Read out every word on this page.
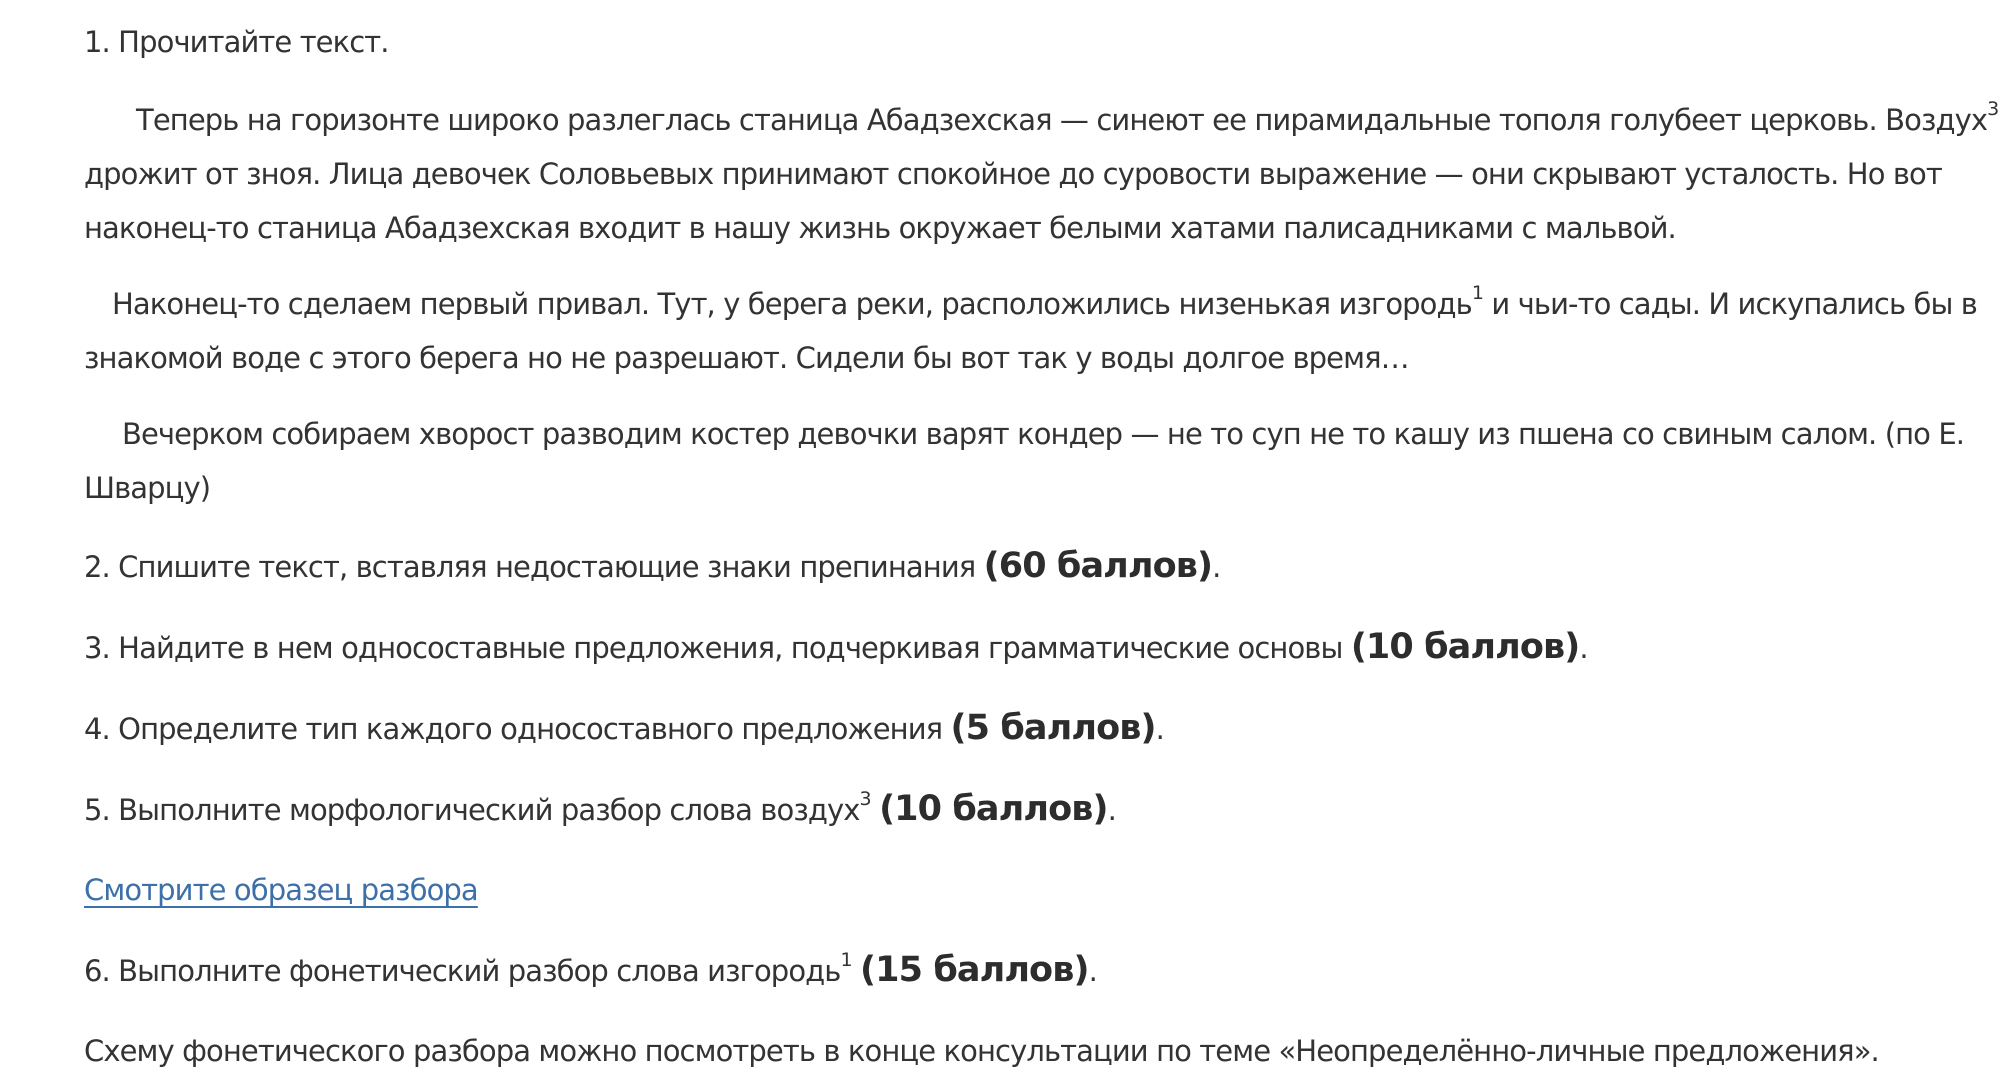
1. Прочитайте текст.

Теперь на горизонте широко разлеглась станица Абадзехская — синеют ее пирамидальные тополя голубеет церковь. Воздух$^3$ дрожит от зноя. Лица девочек Соловьевых принимают спокойное до суровости выражение — они скрывают усталость. Но вот наконец-то станица Абадзехская входит в нашу жизнь окружает белыми хатами палисадниками с мальвой.

Наконец-то сделаем первый привал. Тут, у берега реки, расположились низенькая изгородь$^1$ и чьи-то сады. И искупались бы в знакомой воде с этого берега но не разрешают. Сидели бы вот так у воды долгое время…

Вечерком собираем хворост разводим костер девочки варят кондер — не то суп не то кашу из пшена со свиным салом. (по Е. Шварцу)

2. Спишите текст, вставляя недостающие знаки препинания (60 баллов).

3. Найдите в нем односоставные предложения, подчеркивая грамматические основы (10 баллов).

4. Определите тип каждого односоставного предложения (5 баллов).

5. Выполните морфологический разбор слова воздух$^3$ (10 баллов).

Смотрите образец разбора

6. Выполните фонетический разбор слова изгородь$^1$ (15 баллов).

Схему фонетического разбора можно посмотреть в конце консультации по теме «Неопределённо-личные предложения».
